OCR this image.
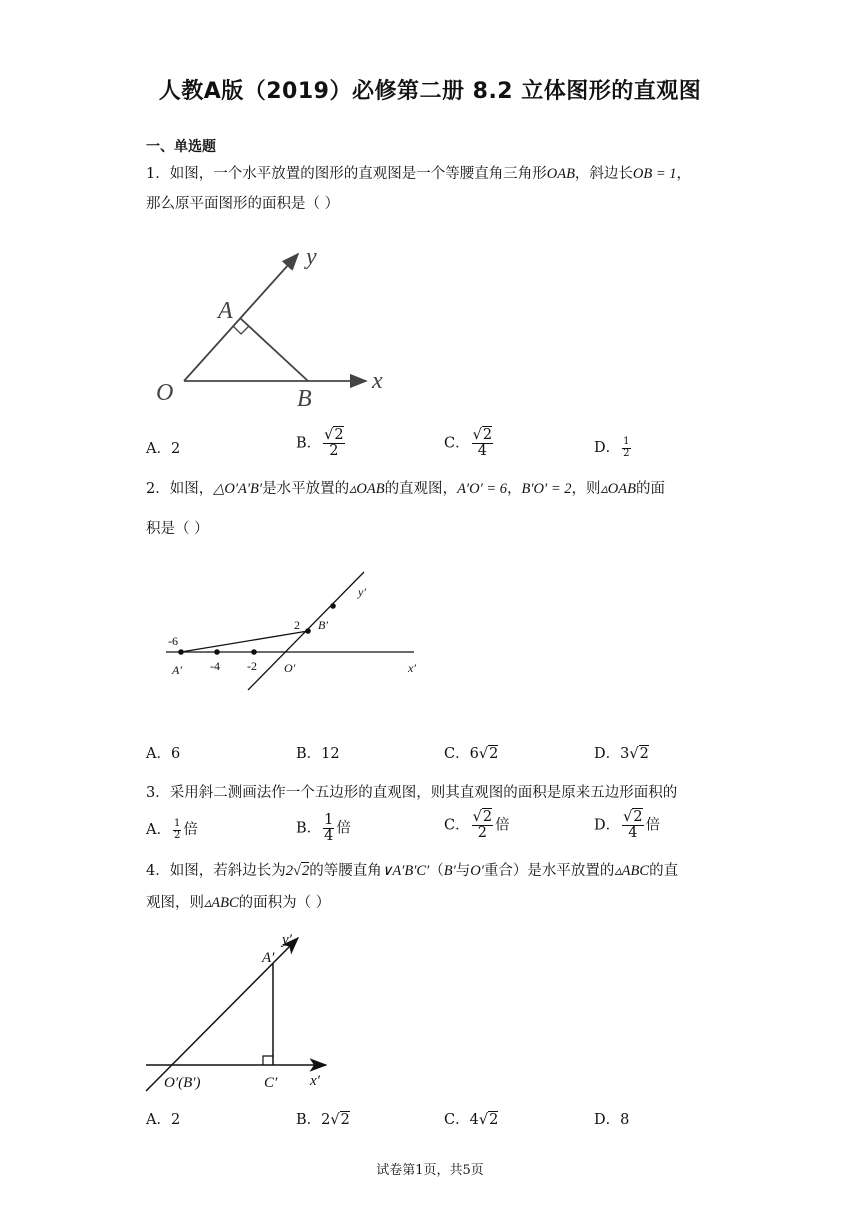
人教A版（2019）必修第二册 8.2 立体图形的直观图
一、单选题
1．如图，一个水平放置的图形的直观图是一个等腰直角三角形OAB，斜边长OB = 1，
那么原平面图形的面积是（ ）
y
x
A
O	B
A．2	B． $\frac{√2}{2}$	C． $\frac{√2}{4}$	D． $\frac{1}{2}$
2．如图，△O′A′B′是水平放置的▵OAB的直观图，A′O′ = 6，B′O′ = 2，则▵OAB的面
积是（ ）
-6
-4 -2
2 B′
A′	O′	x′
y′
A．6	B．12	C．6√2	D．3√2
3．采用斜二测画法作一个五边形的直观图，则其直观图的面积是原来五边形面积的
A． $\frac{1}{2}$ 倍	B． $\frac{1}{4}$ 倍	C． $\frac{√2}{2}$ 倍	D． $\frac{√2}{4}$ 倍
4．如图，若斜边长为2√2的等腰直角∨A′B′C′（B′与O′重合）是水平放置的▵ABC的直
观图，则▵ABC的面积为（ ）
y′
A′
C′
O′(B′)	x′
A．2	B．2√2	C．4√2	D．8
试卷第1页，共5页
